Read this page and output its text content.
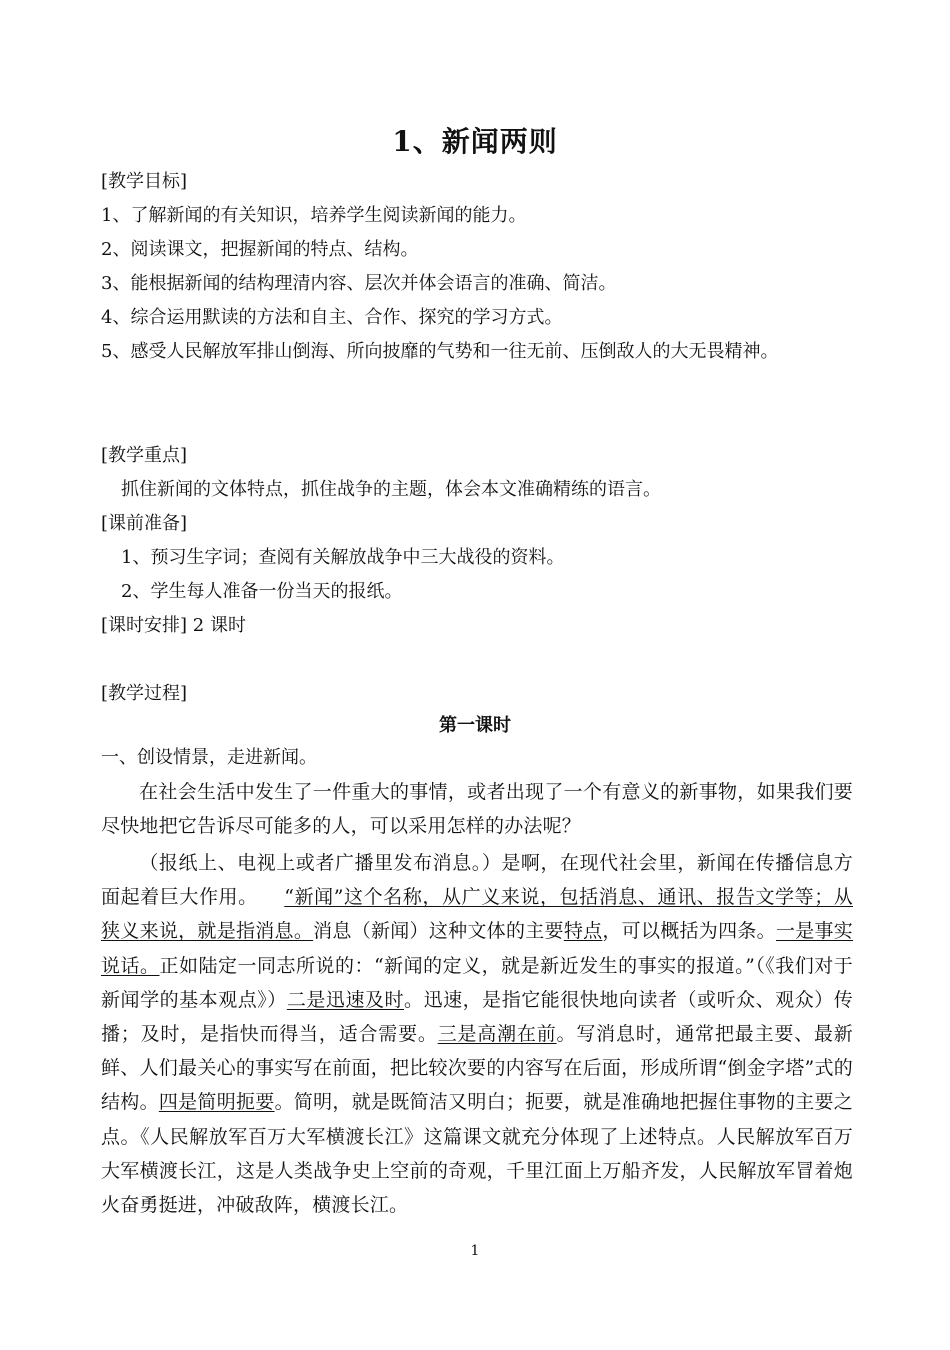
1、新闻两则
[教学目标]
1、了解新闻的有关知识，培养学生阅读新闻的能力。
2、阅读课文，把握新闻的特点、结构。
3、能根据新闻的结构理清内容、层次并体会语言的准确、简洁。
4、综合运用默读的方法和自主、合作、探究的学习方式。
5、感受人民解放军排山倒海、所向披靡的气势和一往无前、压倒敌人的大无畏精神。
[教学重点]
抓住新闻的文体特点，抓住战争的主题，体会本文准确精练的语言。
[课前准备]
1、预习生字词；查阅有关解放战争中三大战役的资料。
2、学生每人准备一份当天的报纸。
[课时安排] 2 课时
[教学过程]
第一课时
一、创设情景，走进新闻。
在社会生活中发生了一件重大的事情，或者出现了一个有意义的新事物，如果我们要尽快地把它告诉尽可能多的人，可以采用怎样的办法呢？
（报纸上、电视上或者广播里发布消息。）是啊，在现代社会里，新闻在传播信息方面起着巨大作用。 “新闻”这个名称，从广义来说，包括消息、通讯、报告文学等；从狭义来说，就是指消息。消息（新闻）这种文体的主要特点，可以概括为四条。一是事实说话。正如陆定一同志所说的：“新闻的定义，就是新近发生的事实的报道。”（《我们对于新闻学的基本观点》）二是迅速及时。迅速，是指它能很快地向读者（或听众、观众）传播；及时，是指快而得当，适合需要。三是高潮在前。写消息时，通常把最主要、最新鲜、人们最关心的事实写在前面，把比较次要的内容写在后面，形成所谓“倒金字塔”式的结构。四是简明扼要。简明，就是既简洁又明白；扼要，就是准确地把握住事物的主要之点。《人民解放军百万大军横渡长江》这篇课文就充分体现了上述特点。人民解放军百万大军横渡长江，这是人类战争史上空前的奇观，千里江面上万船齐发，人民解放军冒着炮火奋勇挺进，冲破敌阵，横渡长江。
1
